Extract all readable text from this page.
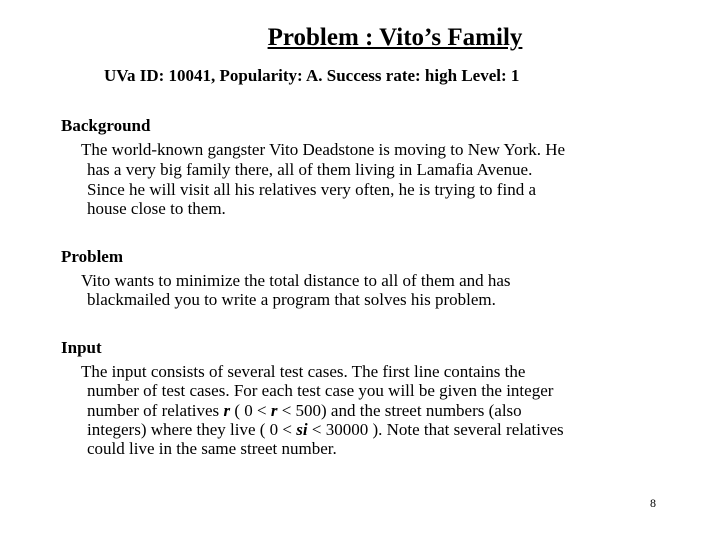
Problem : Vito’s Family
UVa ID: 10041, Popularity: A. Success rate: high Level: 1
Background
The world-known gangster Vito Deadstone is moving to New York. He
has a very big family there, all of them living in Lamafia Avenue.
Since he will visit all his relatives very often, he is trying to find a
house close to them.
Problem
Vito wants to minimize the total distance to all of them and has
blackmailed you to write a program that solves his problem.
Input
The input consists of several test cases. The first line contains the
number of test cases. For each test case you will be given the integer
number of relatives r ( 0 < r < 500) and the street numbers (also
integers) where they live ( 0 < si < 30000 ). Note that several relatives
could live in the same street number.
8
